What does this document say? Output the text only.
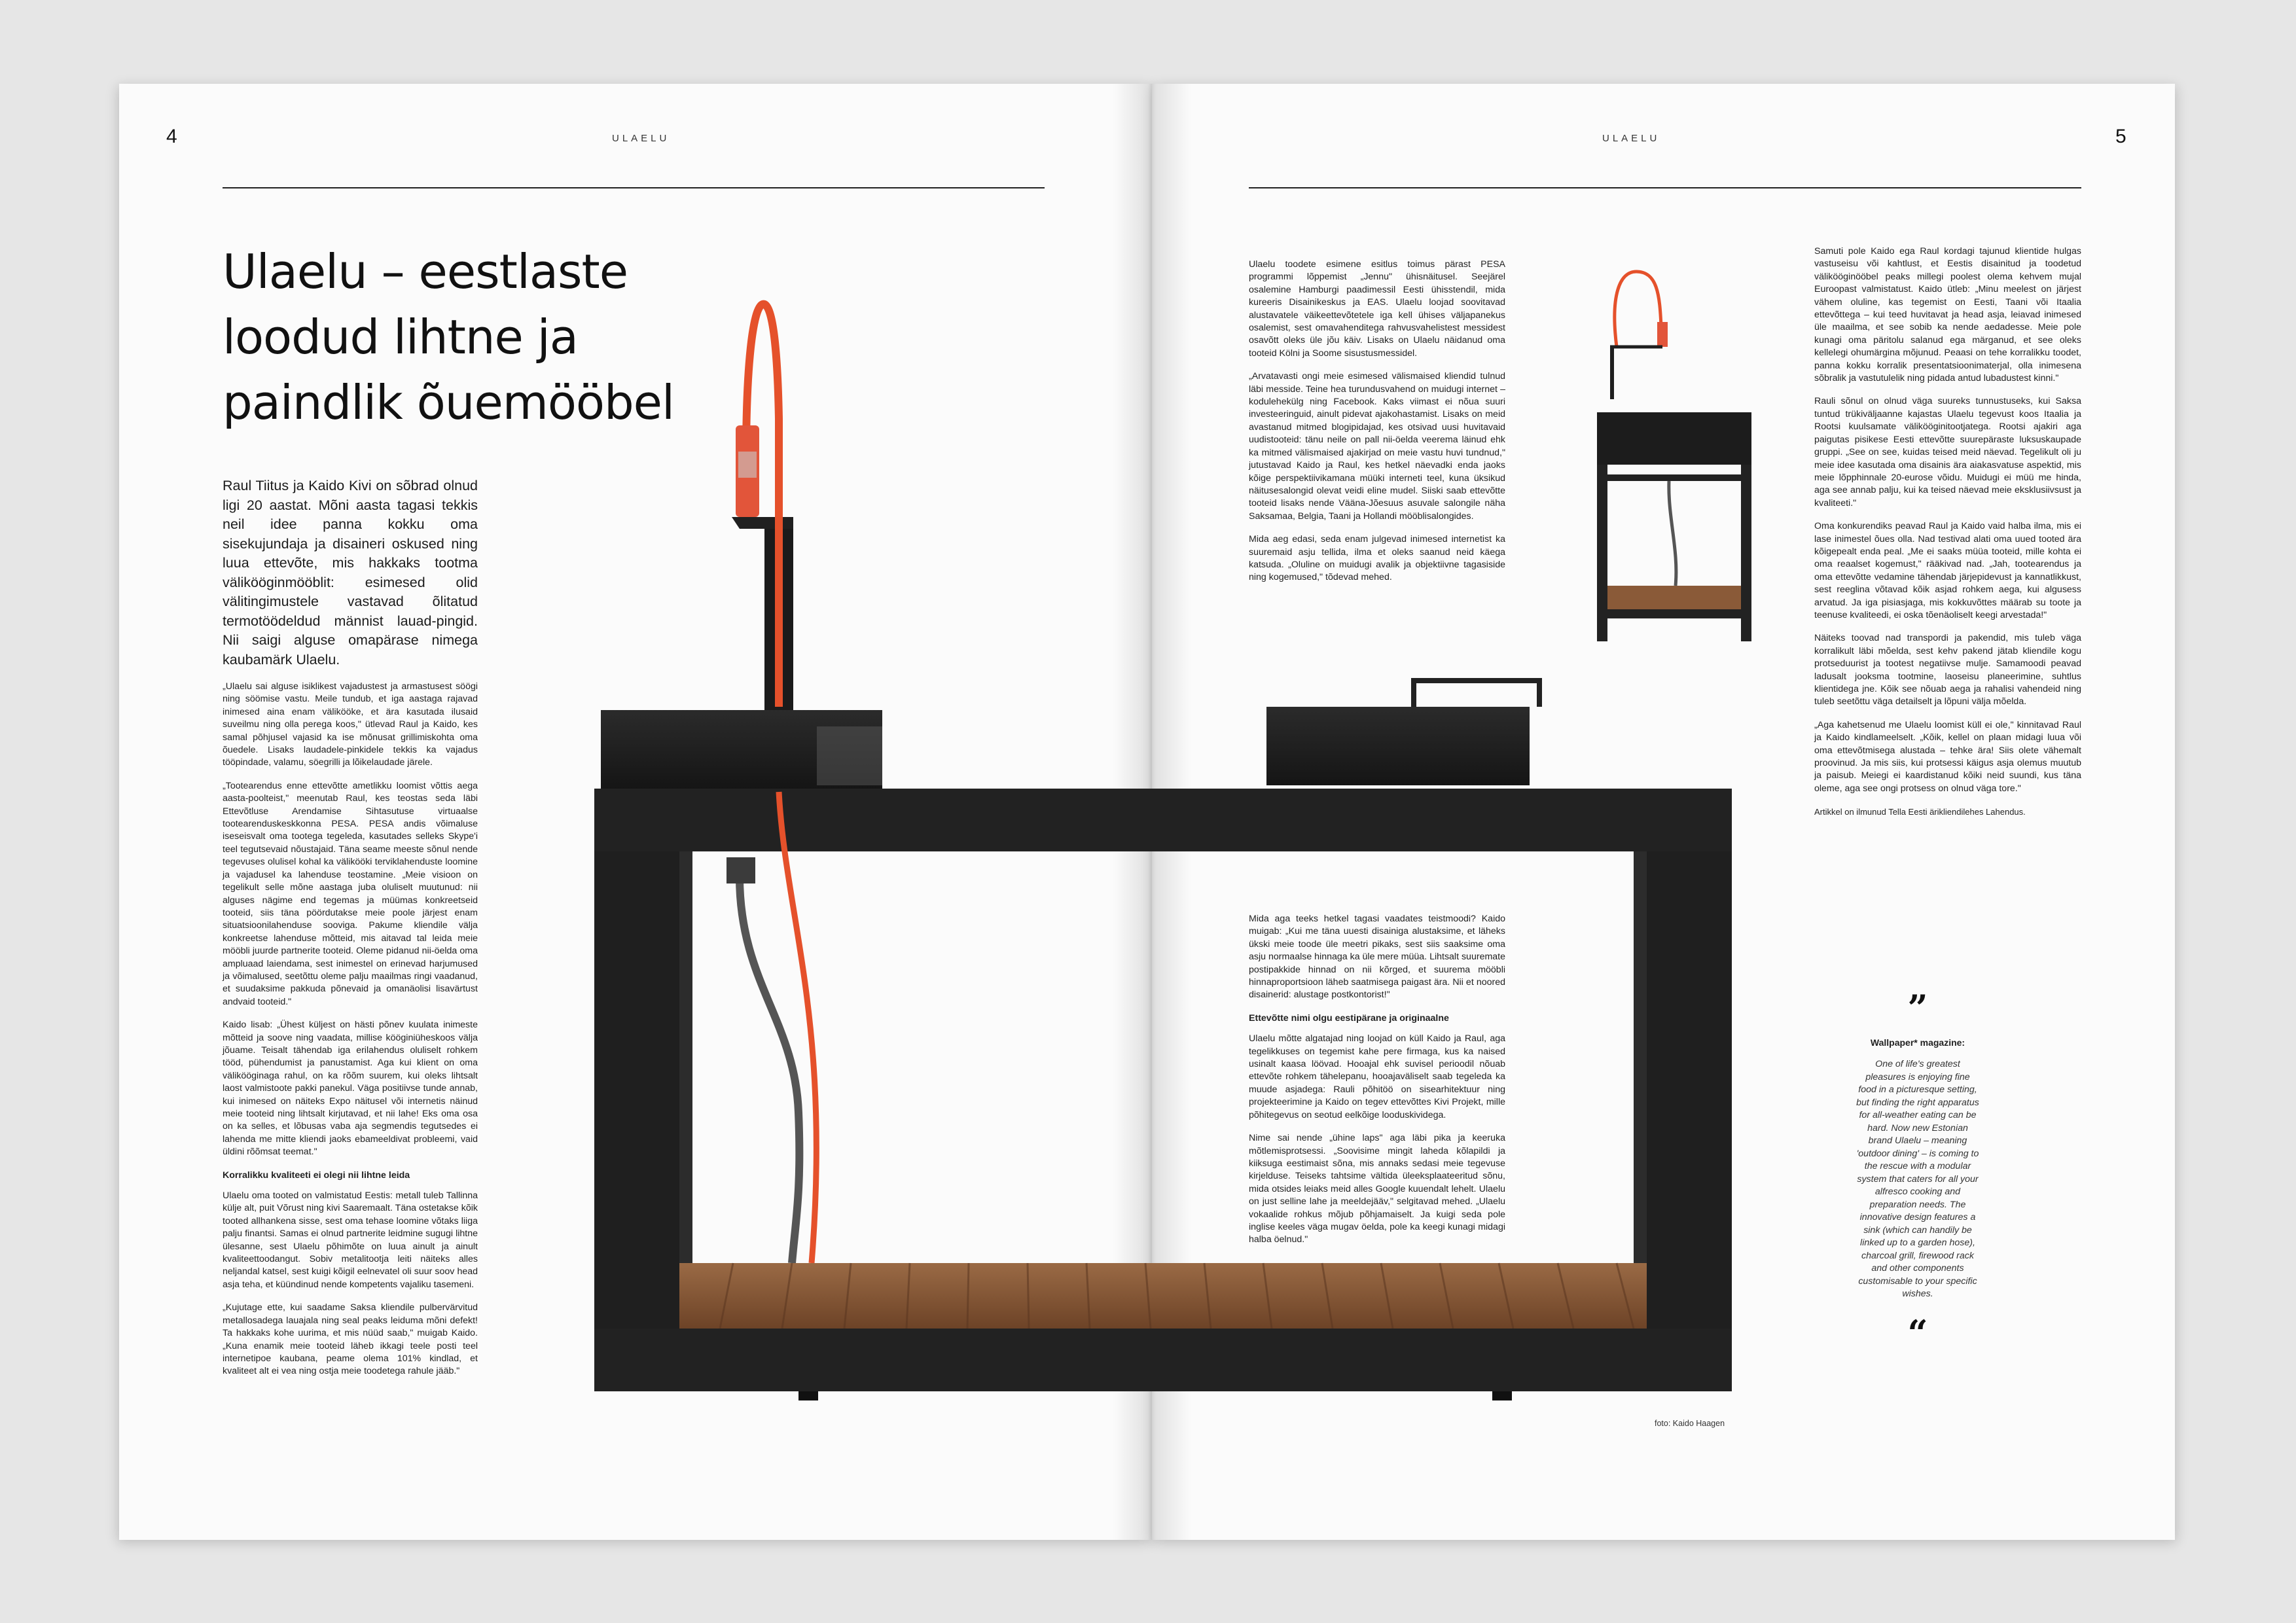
4	ULAELU	5
ULAELU
Ulaelu – eestlaste loodud lihtne ja paindlik õuemööbel

Raul Tiitus ja Kaido Kivi on sõbrad olnud ligi 20 aastat. Mõni aasta tagasi tekkis neil idee panna kokku oma sisekujundaja ja disaineri oskused ning luua ettevõte, mis hakkaks tootma välikööginmööblit: esimesed olid välitingimustele vastavad õlitatud termotöödeldud männist lauad-pingid. Nii saigi alguse omapärase nimega kaubamärk Ulaelu.

„Ulaelu sai alguse isiklikest vajadustest ja armastusest söögi ning söömise vastu. Meile tundub, et iga aastaga rajavad inimesed aina enam välikööke, et ära kasutada ilusaid suveilmu ning olla perega koos," ütlevad Raul ja Kaido, kes samal põhjusel vajasid ka ise mõnusat grillimiskohta oma õuedele. Lisaks laudadele-pinkidele tekkis ka vajadus tööpindade, valamu, söegrilli ja lõikelaudade järele.

„Tootearendus enne ettevõtte ametlikku loomist võttis aega aasta-poolteist," meenutab Raul, kes teostas seda läbi Ettevõtluse Arendamise Sihtasutuse virtuaalse tootearenduskeskkonna PESA. PESA andis võimaluse iseseisvalt oma tootega tegeleda, kasutades selleks Skype'i teel tegutsevaid nõustajaid. Täna seame meeste sõnul nende tegevuses olulisel kohal ka välikööki terviklahenduste loomine ja vajadusel ka lahenduse teostamine. „Meie visioon on tegelikult selle mõne aastaga juba oluliselt muutunud: nii alguses nägime end tegemas ja müümas konkreetseid tooteid, siis täna pöördutakse meie poole järjest enam situatsioonilahenduse sooviga. Pakume kliendile välja konkreetse lahenduse mõtteid, mis aitavad tal leida meie mööbli juurde partnerite tooteid. Oleme pidanud nii-öelda oma ampluaad laiendama, sest inimestel on erinevad harjumused ja võimalused, seetõttu oleme palju maailmas ringi vaadanud, et suudaksime pakkuda põnevaid ja omanäolisi lisavärtust andvaid tooteid."

Kaido lisab: „Ühest küljest on hästi põnev kuulata inimeste mõtteid ja soove ning vaadata, millise kööginiüheskoos välja jõuame. Teisalt tähendab iga erilahendus oluliselt rohkem tööd, pühendumist ja panustamist. Aga kui klient on oma välikööginaga rahul, on ka rõõm suurem, kui oleks lihtsalt laost valmistoote pakki panekul. Väga positiivse tunde annab, kui inimesed on näiteks Expo näitusel või internetis näinud meie tooteid ning lihtsalt kirjutavad, et nii lahe! Eks oma osa on ka selles, et lõbusas vaba aja segmendis tegutsedes ei lahenda me mitte kliendi jaoks ebameeldivat probleemi, vaid üldini rõõmsat teemat."

Korralikku kvaliteeti ei olegi nii lihtne leida

Ulaelu oma tooted on valmistatud Eestis: metall tuleb Tallinna külje alt, puit Võrust ning kivi Saaremaalt. Täna ostetakse kõik tooted allhankena sisse, sest oma tehase loomine võtaks liiga palju finantsi. Samas ei olnud partnerite leidmine sugugi lihtne ülesanne, sest Ulaelu põhimõte on luua ainult ja ainult kvaliteettoodangut. Sobiv metalitootja leiti näiteks alles neljandal katsel, sest kuigi kõigil eelnevatel oli suur soov head asja teha, et küündinud nende kompetents vajaliku tasemeni.

„Kujutage ette, kui saadame Saksa kliendile pulbervärvitud metallosadega lauajala ning seal peaks leiduma mõni defekt! Ta hakkaks kohe uurima, et mis nüüd saab," muigab Kaido. „Kuna enamik meie tooteid läheb ikkagi teele posti teel internetipoe kaubana, peame olema 101% kindlad, et kvaliteet alt ei vea ning ostja meie toodetega rahule jääb."

Ulaelu toodete esimene esitlus toimus pärast PESA programmi lõppemist „Jennu" ühisnäitusel. Seejärel osalemine Hamburgi paadimessil Eesti ühisstendil, mida kureeris Disainikeskus ja EAS. Ulaelu loojad soovitavad alustavatele väikeettevõtetele iga kell ühises väljapanekus osalemist, sest omavahenditega rahvusvahelistest messidest osavõtt oleks üle jõu käiv. Lisaks on Ulaelu näidanud oma tooteid Kölni ja Soome sisustusmessidel.

„Arvatavasti ongi meie esimesed välismaised kliendid tulnud läbi messide. Teine hea turundusvahend on muidugi internet – kodulehekülg ning Facebook. Kaks viimast ei nõua suuri investeeringuid, ainult pidevat ajakohastamist. Lisaks on meid avastanud mitmed blogipidajad, kes otsivad uusi huvitavaid uudistooteid: tänu neile on pall nii-öelda veerema läinud ehk ka mitmed välismaised ajakirjad on meie vastu huvi tundnud," jutustavad Kaido ja Raul, kes hetkel näevadki enda jaoks kõige perspektiivikamana müüki interneti teel, kuna üksikud näitusesalongid olevat veidi eline mudel. Siiski saab ettevõtte tooteid lisaks nende Vääna-Jõesuus asuvale salongile näha Saksamaa, Belgia, Taani ja Hollandi mööblisalongides.

Mida aeg edasi, seda enam julgevad inimesed internetist ka suuremaid asju tellida, ilma et oleks saanud neid käega katsuda. „Oluline on muidugi avalik ja objektiivne tagasiside ning kogemused," tõdevad mehed.

Mida aga teeks hetkel tagasi vaadates teistmoodi? Kaido muigab: „Kui me täna uuesti disainiga alustaksime, et läheks ükski meie toode üle meetri pikaks, sest siis saaksime oma asju normaalse hinnaga ka üle mere müüa. Lihtsalt suuremate postipakkide hinnad on nii kõrged, et suurema mööbli hinnaproportsioon läheb saatmisega paigast ära. Nii et noored disainerid: alustage postkontorist!"

Ettevõtte nimi olgu eestipärane ja originaalne

Ulaelu mõtte algatajad ning loojad on küll Kaido ja Raul, aga tegelikkuses on tegemist kahe pere firmaga, kus ka naised usinalt kaasa löövad. Hooajal ehk suvisel perioodil nõuab ettevõte rohkem tähelepanu, hooajaväliselt saab tegeleda ka muude asjadega: Rauli põhitöö on sisearhitektuur ning projekteerimine ja Kaido on tegev ettevõttes Kivi Projekt, mille põhitegevus on seotud eelkõige looduskividega.

Nime sai nende „ühine laps" aga läbi pika ja keeruka mõtlemisprotsessi. „Soovisime mingit laheda kõlapildi ja kiiksuga eestimaist sõna, mis annaks sedasi meie tegevuse kirjelduse. Teiseks tahtsime vältida üleeksplaateeritud sõnu, mida otsides leiaks meid alles Google kuuendalt lehelt. Ulaelu on just selline lahe ja meeldejääv," selgitavad mehed. „Ulaelu vokaalide rohkus mõjub põhjamaiselt. Ja kuigi seda pole inglise keeles väga mugav öelda, pole ka keegi kunagi midagi halba öelnud."

Samuti pole Kaido ega Raul kordagi tajunud klientide hulgas vastuseisu või kahtlust, et Eestis disainitud ja toodetud välikööginööbel peaks millegi poolest olema kehvem mujal Euroopast valmistatust. Kaido ütleb: „Minu meelest on järjest vähem oluline, kas tegemist on Eesti, Taani või Itaalia ettevõttega – kui teed huvitavat ja head asja, leiavad inimesed üle maailma, et see sobib ka nende aedadesse. Meie pole kunagi oma päritolu salanud ega märganud, et see oleks kellelegi ohumärgina mõjunud. Peaasi on tehe korralikku toodet, panna kokku korralik presentatsioonimaterjal, olla inimesena sõbralik ja vastutulelik ning pidada antud lubadustest kinni."

Rauli sõnul on olnud väga suureks tunnustuseks, kui Saksa tuntud trükiväljaanne kajastas Ulaelu tegevust koos Itaalia ja Rootsi kuulsamate välikööginitootjatega. Rootsi ajakiri aga paigutas pisikese Eesti ettevõtte suurepäraste luksuskaupade gruppi. „See on see, kuidas teised meid näevad. Tegelikult oli ju meie idee kasutada oma disainis ära aiakasvatuse aspektid, mis meie lõpphinnale 20-eurose võidu. Muidugi ei müü me hinda, aga see annab palju, kui ka teised näevad meie eksklusiivsust ja kvaliteeti."

Oma konkurendiks peavad Raul ja Kaido vaid halba ilma, mis ei lase inimestel õues olla. Nad testivad alati oma uued tooted ära kõigepealt enda peal. „Me ei saaks müüa tooteid, mille kohta ei oma reaalset kogemust," rääkivad nad. „Jah, tootearendus ja oma ettevõtte vedamine tähendab järjepidevust ja kannatlikkust, sest reeglina võtavad kõik asjad rohkem aega, kui algusess arvatud. Ja iga pisiasjaga, mis kokkuvõttes määrab su toote ja teenuse kvaliteedi, ei oska tõenäoliselt keegi arvestada!"

Näiteks toovad nad transpordi ja pakendid, mis tuleb väga korralikult läbi mõelda, sest kehv pakend jätab kliendile kogu protseduurist ja tootest negatiivse mulje. Samamoodi peavad ladusalt jooksma tootmine, laoseisu planeerimine, suhtlus klientidega jne. Kõik see nõuab aega ja rahalisi vahendeid ning tuleb seetõttu väga detailselt ja lõpuni välja mõelda.

„Aga kahetsenud me Ulaelu loomist küll ei ole," kinnitavad Raul ja Kaido kindlameelselt. „Kõik, kellel on plaan midagi luua või oma ettevõtmisega alustada – tehke ära! Siis olete vähemalt proovinud. Ja mis siis, kui protsessi käigus asja olemus muutub ja paisub. Meiegi ei kaardistanud kõiki neid suundi, kus täna oleme, aga see ongi protsess on olnud väga tore."

Artikkel on ilmunud Tella Eesti ärikliendilehes Lahendus.

”
Wallpaper* magazine:
One of life's greatest pleasures is enjoying fine food in a picturesque setting, but finding the right apparatus for all-weather eating can be hard. Now new Estonian brand Ulaelu – meaning 'outdoor dining' – is coming to the rescue with a modular system that caters for all your alfresco cooking and preparation needs. The innovative design features a sink (which can handily be linked up to a garden hose), charcoal grill, firewood rack and other components customisable to your specific wishes.
“
foto: Kaido Haagen
